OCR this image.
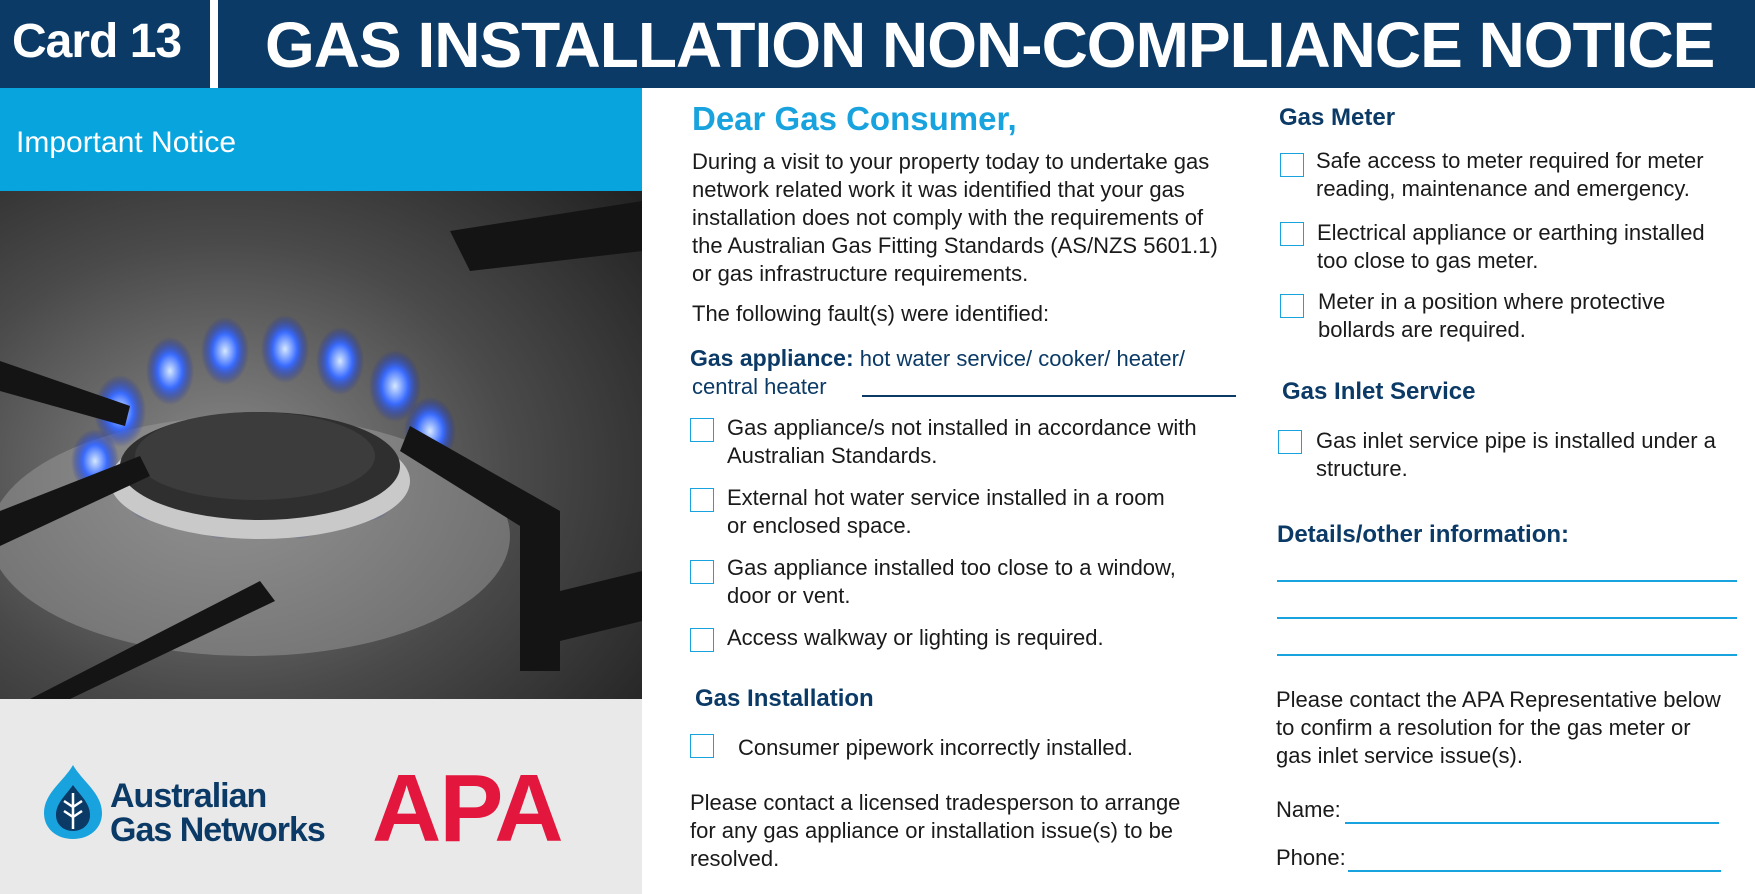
Card 13 GAS INSTALLATION NON-COMPLIANCE NOTICE
Important Notice
Australian
Gas Networks APA
Dear Gas Consumer,
During a visit to your property today to undertake gas
network related work it was identified that your gas
installation does not comply with the requirements of
the Australian Gas Fitting Standards (AS/NZS 5601.1)
or gas infrastructure requirements.
The following fault(s) were identified:
Gas appliance: hot water service/ cooker/ heater/
central heater
Gas appliance/s not installed in accordance with
Australian Standards.
External hot water service installed in a room
or enclosed space.
Gas appliance installed too close to a window,
door or vent.
Access walkway or lighting is required.
Gas Installation
Consumer pipework incorrectly installed.
Please contact a licensed tradesperson to arrange
for any gas appliance or installation issue(s) to be
resolved.
Gas Meter
Safe access to meter required for meter
reading, maintenance and emergency.
Electrical appliance or earthing installed
too close to gas meter.
Meter in a position where protective
bollards are required.
Gas Inlet Service
Gas inlet service pipe is installed under a
structure.
Details/other information:
Please contact the APA Representative below
to confirm a resolution for the gas meter or
gas inlet service issue(s).
Name:
Phone:
